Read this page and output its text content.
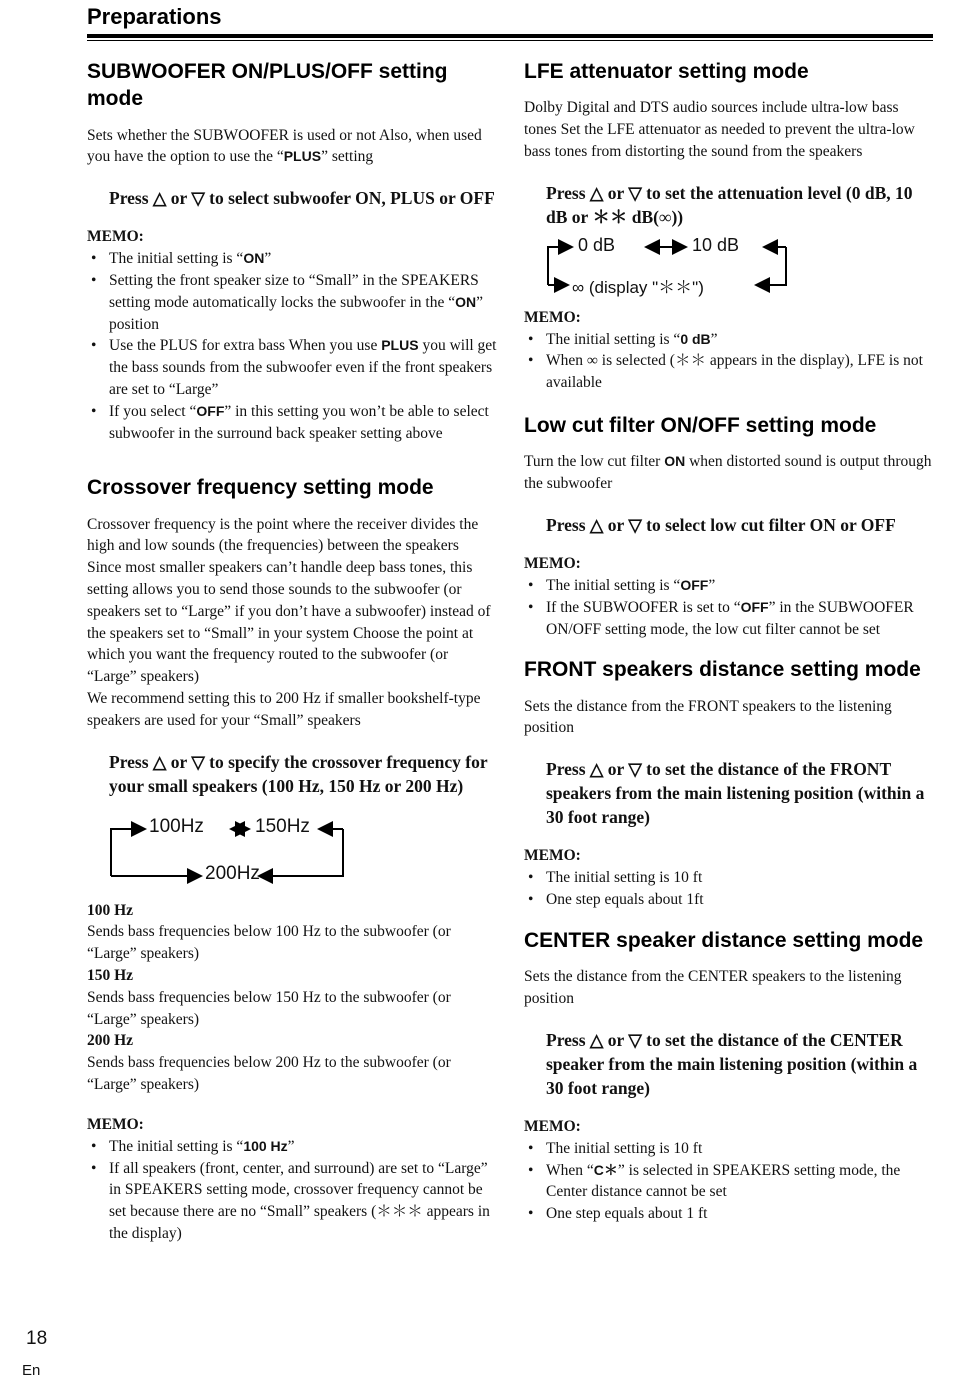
Preparations
SUBWOOFER ON/PLUS/OFF setting mode

Sets whether the SUBWOOFER is used or not Also, when used you have the option to use the “PLUS” setting

Press △ or ▽ to select subwoofer ON, PLUS or OFF
MEMO:
• The initial setting is “ON”
• Setting the front speaker size to “Small” in the SPEAKERS setting mode automatically locks the subwoofer in the “ON” position
• Use the PLUS for extra bass When you use PLUS you will get the bass sounds from the subwoofer even if the front speakers are set to “Large”
• If you select “OFF” in this setting you won’t be able to select subwoofer in the surround back speaker setting above
Crossover frequency setting mode

Crossover frequency is the point where the receiver divides the high and low sounds (the frequencies) between the speakers Since most smaller speakers can’t handle deep bass tones, this setting allows you to send those sounds to the subwoofer (or speakers set to “Large” if you don’t have a subwoofer) instead of the speakers set to “Small” in your system Choose the point at which you want the frequency routed to the subwoofer (or “Large” speakers)

We recommend setting this to 200 Hz if smaller bookshelf-type speakers are used for your “Small” speakers

Press △ or ▽ to specify the crossover frequency for your small speakers (100 Hz, 150 Hz or 200 Hz)
100Hz	150Hz
200Hz
100 Hz
Sends bass frequencies below 100 Hz to the subwoofer (or “Large” speakers)
150 Hz
Sends bass frequencies below 150 Hz to the subwoofer (or “Large” speakers)
200 Hz
Sends bass frequencies below 200 Hz to the subwoofer (or “Large” speakers)
MEMO:
• The initial setting is “100 Hz”
• If all speakers (front, center, and surround) are set to “Large” in SPEAKERS setting mode, crossover frequency cannot be set because there are no “Small” speakers (＊＊＊ appears in the display)
LFE attenuator setting mode

Dolby Digital and DTS audio sources include ultra-low bass tones Set the LFE attenuator as needed to prevent the ultra-low bass tones from distorting the sound from the speakers

Press △ or ▽ to set the attenuation level (0 dB, 10 dB or ＊＊ dB(∞))
0 dB	10 dB
∞ (display "＊＊")
MEMO:
• The initial setting is “0 dB”
• When ∞ is selected (＊＊ appears in the display), LFE is not available
Low cut filter ON/OFF setting mode

Turn the low cut filter ON when distorted sound is output through the subwoofer

Press △ or ▽ to select low cut filter ON or OFF
MEMO:
• The initial setting is “OFF”
• If the SUBWOOFER is set to “OFF” in the SUBWOOFER ON/OFF setting mode, the low cut filter cannot be set
FRONT speakers distance setting mode

Sets the distance from the FRONT speakers to the listening position

Press △ or ▽ to set the distance of the FRONT speakers from the main listening position (within a 30 foot range)
MEMO:
• The initial setting is 10 ft
• One step equals about 1ft
CENTER speaker distance setting mode

Sets the distance from the CENTER speakers to the listening position

Press △ or ▽ to set the distance of the CENTER speaker from the main listening position (within a 30 foot range)
MEMO:
• The initial setting is 10 ft
• When “C＊” is selected in SPEAKERS setting mode, the Center distance cannot be set
• One step equals about 1 ft
18
En
